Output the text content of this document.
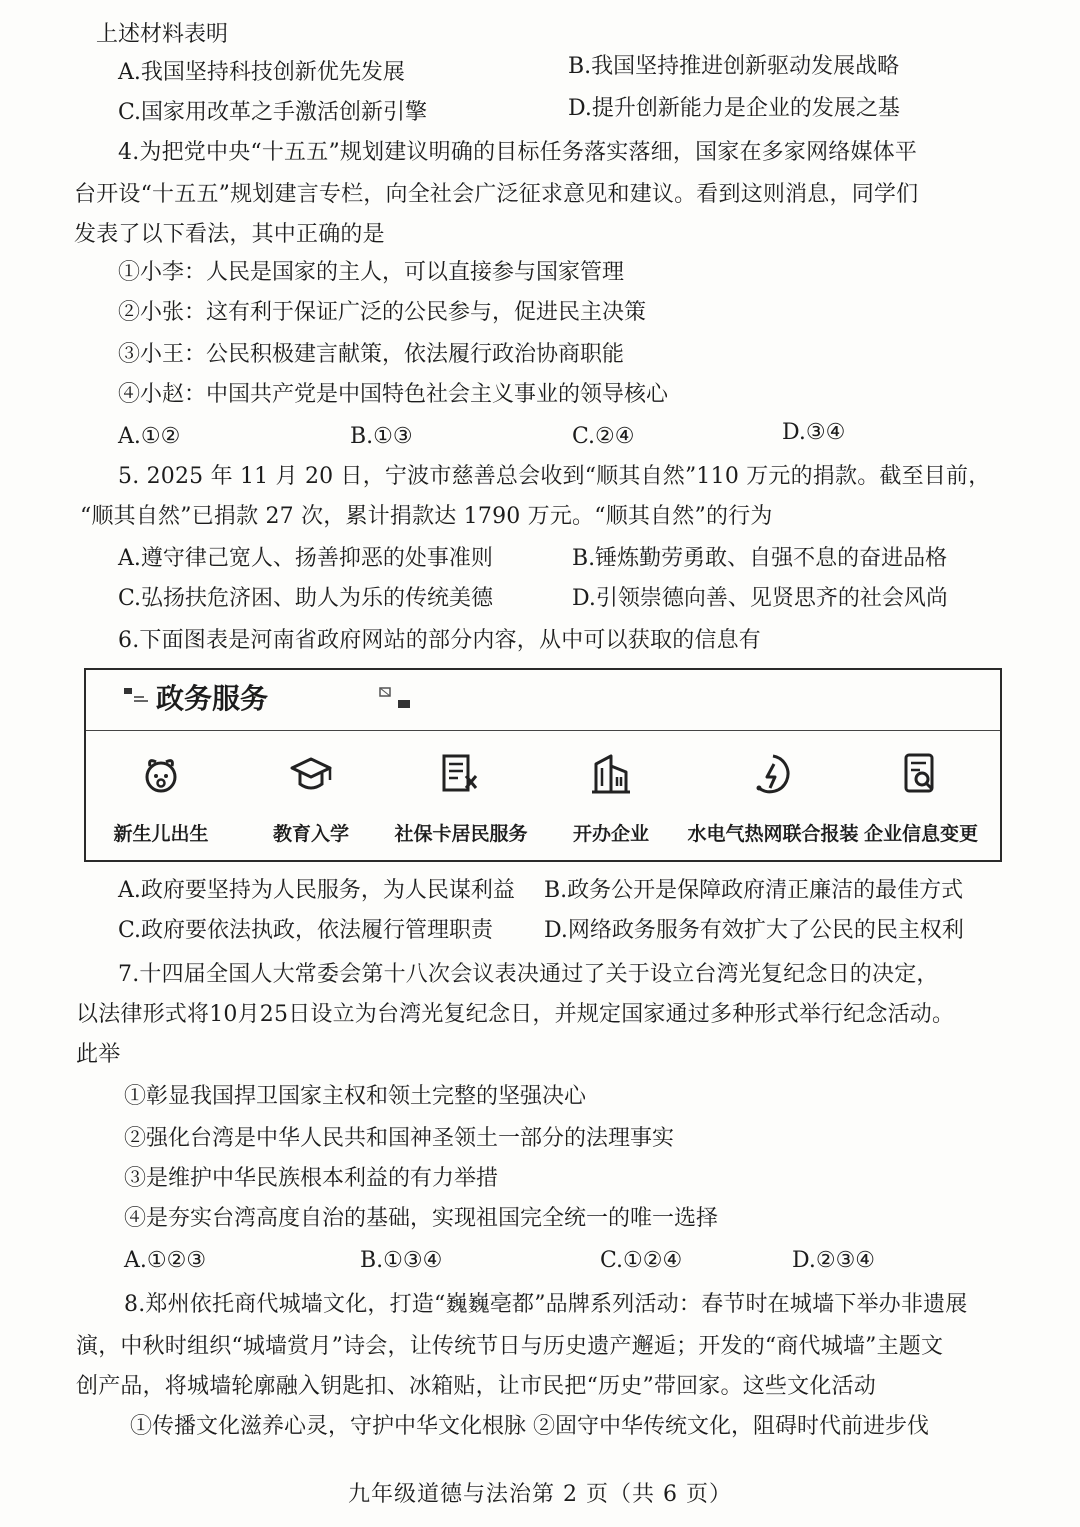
上述材料表明
A.我国坚持科技创新优先发展	B.我国坚持推进创新驱动发展战略
C.国家用改革之手激活创新引擎	D.提升创新能力是企业的发展之基
4.为把党中央“十五五”规划建议明确的目标任务落实落细，国家在多家网络媒体平
台开设“十五五”规划建言专栏，向全社会广泛征求意见和建议。看到这则消息，同学们
发表了以下看法，其中正确的是
①小李：人民是国家的主人，可以直接参与国家管理
②小张：这有利于保证广泛的公民参与，促进民主决策
③小王：公民积极建言献策，依法履行政治协商职能
④小赵：中国共产党是中国特色社会主义事业的领导核心
A.①②	B.①③	C.②④	D.③④
5. 2025 年 11 月 20 日，宁波市慈善总会收到“顺其自然”110 万元的捐款。截至目前，
“顺其自然”已捐款 27 次，累计捐款达 1790 万元。“顺其自然”的行为
A.遵守律己宽人、扬善抑恶的处事准则	B.锤炼勤劳勇敢、自强不息的奋进品格
C.弘扬扶危济困、助人为乐的传统美德	D.引领崇德向善、见贤思齐的社会风尚
6.下面图表是河南省政府网站的部分内容，从中可以获取的信息有
政务服务
新生儿出生	教育入学	社保卡居民服务	开办企业	水电气热网联合报装 企业信息变更
A.政府要坚持为人民服务，为人民谋利益 B.政务公开是保障政府清正廉洁的最佳方式
C.政府要依法执政，依法履行管理职责 D.网络政务服务有效扩大了公民的民主权利
7.十四届全国人大常委会第十八次会议表决通过了关于设立台湾光复纪念日的决定，
以法律形式将10月25日设立为台湾光复纪念日，并规定国家通过多种形式举行纪念活动。
此举
①彰显我国捍卫国家主权和领土完整的坚强决心
②强化台湾是中华人民共和国神圣领土一部分的法理事实
③是维护中华民族根本利益的有力举措
④是夯实台湾高度自治的基础，实现祖国完全统一的唯一选择
A.①②③	B.①③④	C.①②④	D.②③④
8.郑州依托商代城墙文化，打造“巍巍亳都”品牌系列活动：春节时在城墙下举办非遗展
演，中秋时组织“城墙赏月”诗会，让传统节日与历史遗产邂逅；开发的“商代城墙”主题文
创产品，将城墙轮廓融入钥匙扣、冰箱贴，让市民把“历史”带回家。这些文化活动
①传播文化滋养心灵，守护中华文化根脉 ②固守中华传统文化，阻碍时代前进步伐
九年级道德与法治第 2 页（共 6 页）
